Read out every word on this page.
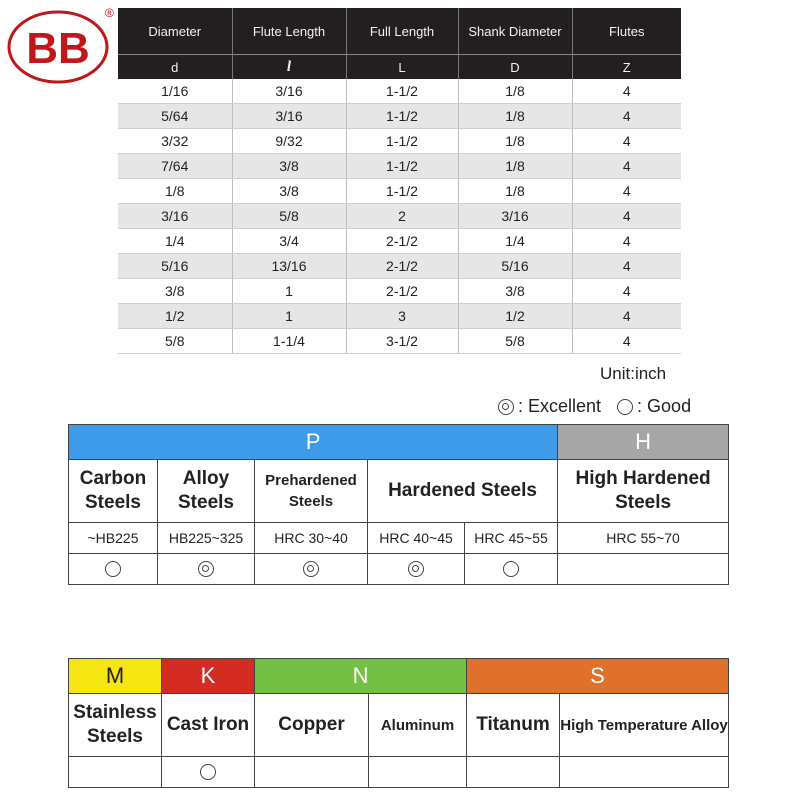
BB
®
Diameter	Flute Length	Full Length	Shank Diameter	Flutes
d	l	L	D	Z
1/16	3/16	1-1/2	1/8	4
5/64	3/16	1-1/2	1/8	4
3/32	9/32	1-1/2	1/8	4
7/64	3/8	1-1/2	1/8	4
1/8	3/8	1-1/2	1/8	4
3/16	5/8	2	3/16	4
1/4	3/4	2-1/2	1/4	4
5/16	13/16	2-1/2	5/16	4
3/8	1	2-1/2	3/8	4
1/2	1	3	1/2	4
5/8	1-1/4	3-1/2	5/8	4
Unit:inch
: Excellent : Good
P					H
Carbon Steels	Alloy Steels	Prehardened Steels	Hardened Steels		High Hardened Steels
~HB225	HB225~325	HRC 30~40	HRC 40~45	HRC 45~55	HRC 55~70

M	K	N		S	
Stainless Steels	Cast Iron	Copper	Aluminum	Titanum	High Temperature Alloy
